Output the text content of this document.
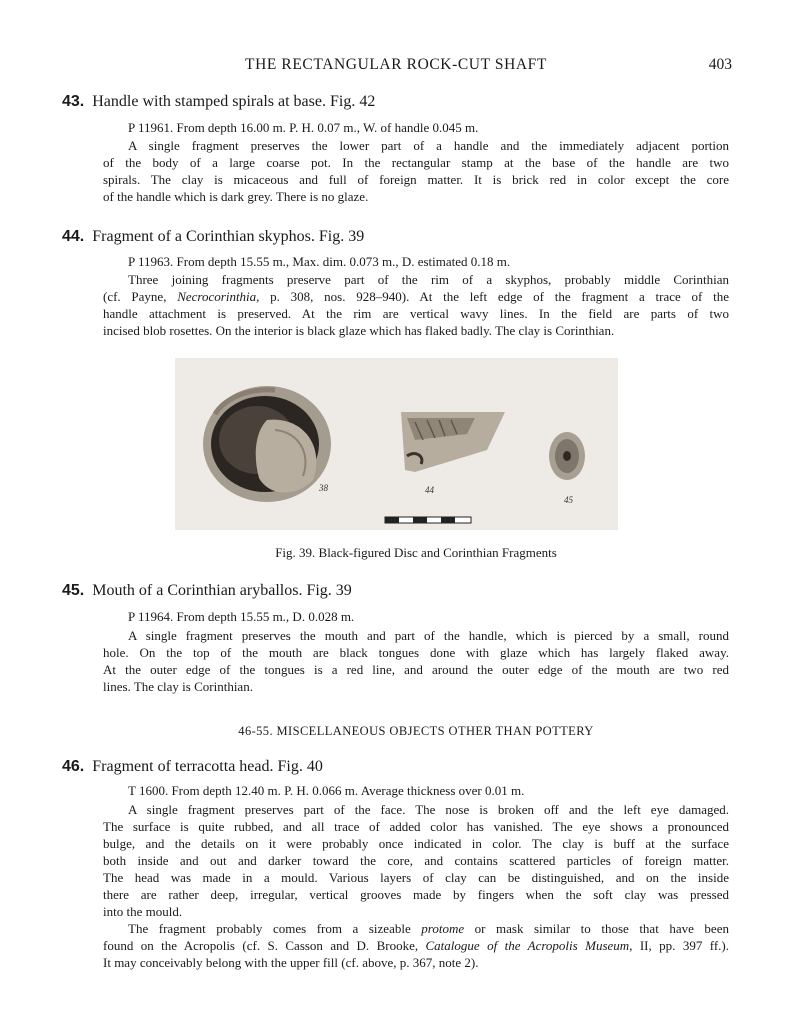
THE RECTANGULAR ROCK-CUT SHAFT	403
43. Handle with stamped spirals at base. Fig. 42
P 11961. From depth 16.00 m. P. H. 0.07 m., W. of handle 0.045 m.
A single fragment preserves the lower part of a handle and the immediately adjacent portion
of the body of a large coarse pot. In the rectangular stamp at the base of the handle are two
spirals. The clay is micaceous and full of foreign matter. It is brick red in color except the core
of the handle which is dark grey. There is no glaze.
44. Fragment of a Corinthian skyphos. Fig. 39
P 11963. From depth 15.55 m., Max. dim. 0.073 m., D. estimated 0.18 m.
Three joining fragments preserve part of the rim of a skyphos, probably middle Corinthian
(cf. Payne, Necrocorinthia, p. 308, nos. 928–940). At the left edge of the fragment a trace of the
handle attachment is preserved. At the rim are vertical wavy lines. In the field are parts of two
incised blob rosettes. On the interior is black glaze which has flaked badly. The clay is Corinthian.
38	44
45
Fig. 39. Black-figured Disc and Corinthian Fragments
45. Mouth of a Corinthian aryballos. Fig. 39
P 11964. From depth 15.55 m., D. 0.028 m.
A single fragment preserves the mouth and part of the handle, which is pierced by a small, round
hole. On the top of the mouth are black tongues done with glaze which has largely flaked away.
At the outer edge of the tongues is a red line, and around the outer edge of the mouth are two red
lines. The clay is Corinthian.
46-55. MISCELLANEOUS OBJECTS OTHER THAN POTTERY
46. Fragment of terracotta head. Fig. 40
T 1600. From depth 12.40 m. P. H. 0.066 m. Average thickness over 0.01 m.
A single fragment preserves part of the face. The nose is broken off and the left eye damaged.
The surface is quite rubbed, and all trace of added color has vanished. The eye shows a pronounced
bulge, and the details on it were probably once indicated in color. The clay is buff at the surface
both inside and out and darker toward the core, and contains scattered particles of foreign matter.
The head was made in a mould. Various layers of clay can be distinguished, and on the inside
there are rather deep, irregular, vertical grooves made by fingers when the soft clay was pressed
into the mould.
The fragment probably comes from a sizeable protome or mask similar to those that have been
found on the Acropolis (cf. S. Casson and D. Brooke, Catalogue of the Acropolis Museum, II, pp. 397 ff.).
It may conceivably belong with the upper fill (cf. above, p. 367, note 2).
